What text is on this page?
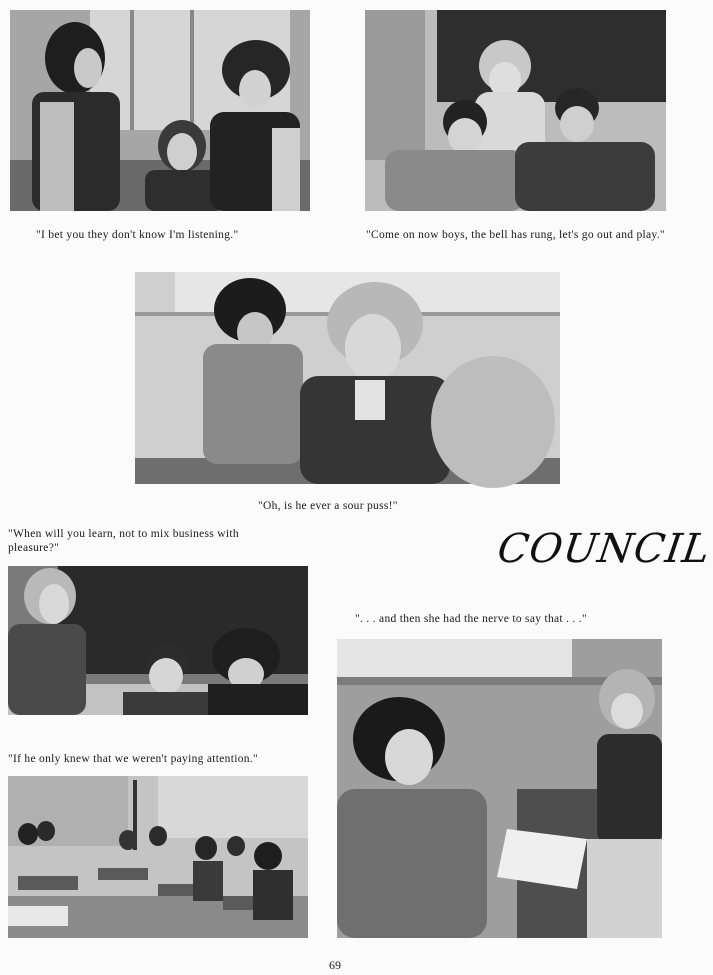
"I bet you they don't know I'm listening."	"Come on now boys, the bell has rung, let's go out and play."
"Oh, is he ever a sour puss!"
"When will you learn, not to mix business with pleasure?"	COUNCIL
". . . and then she had the nerve to say that . . ."
"If he only knew that we weren't paying attention."
69
